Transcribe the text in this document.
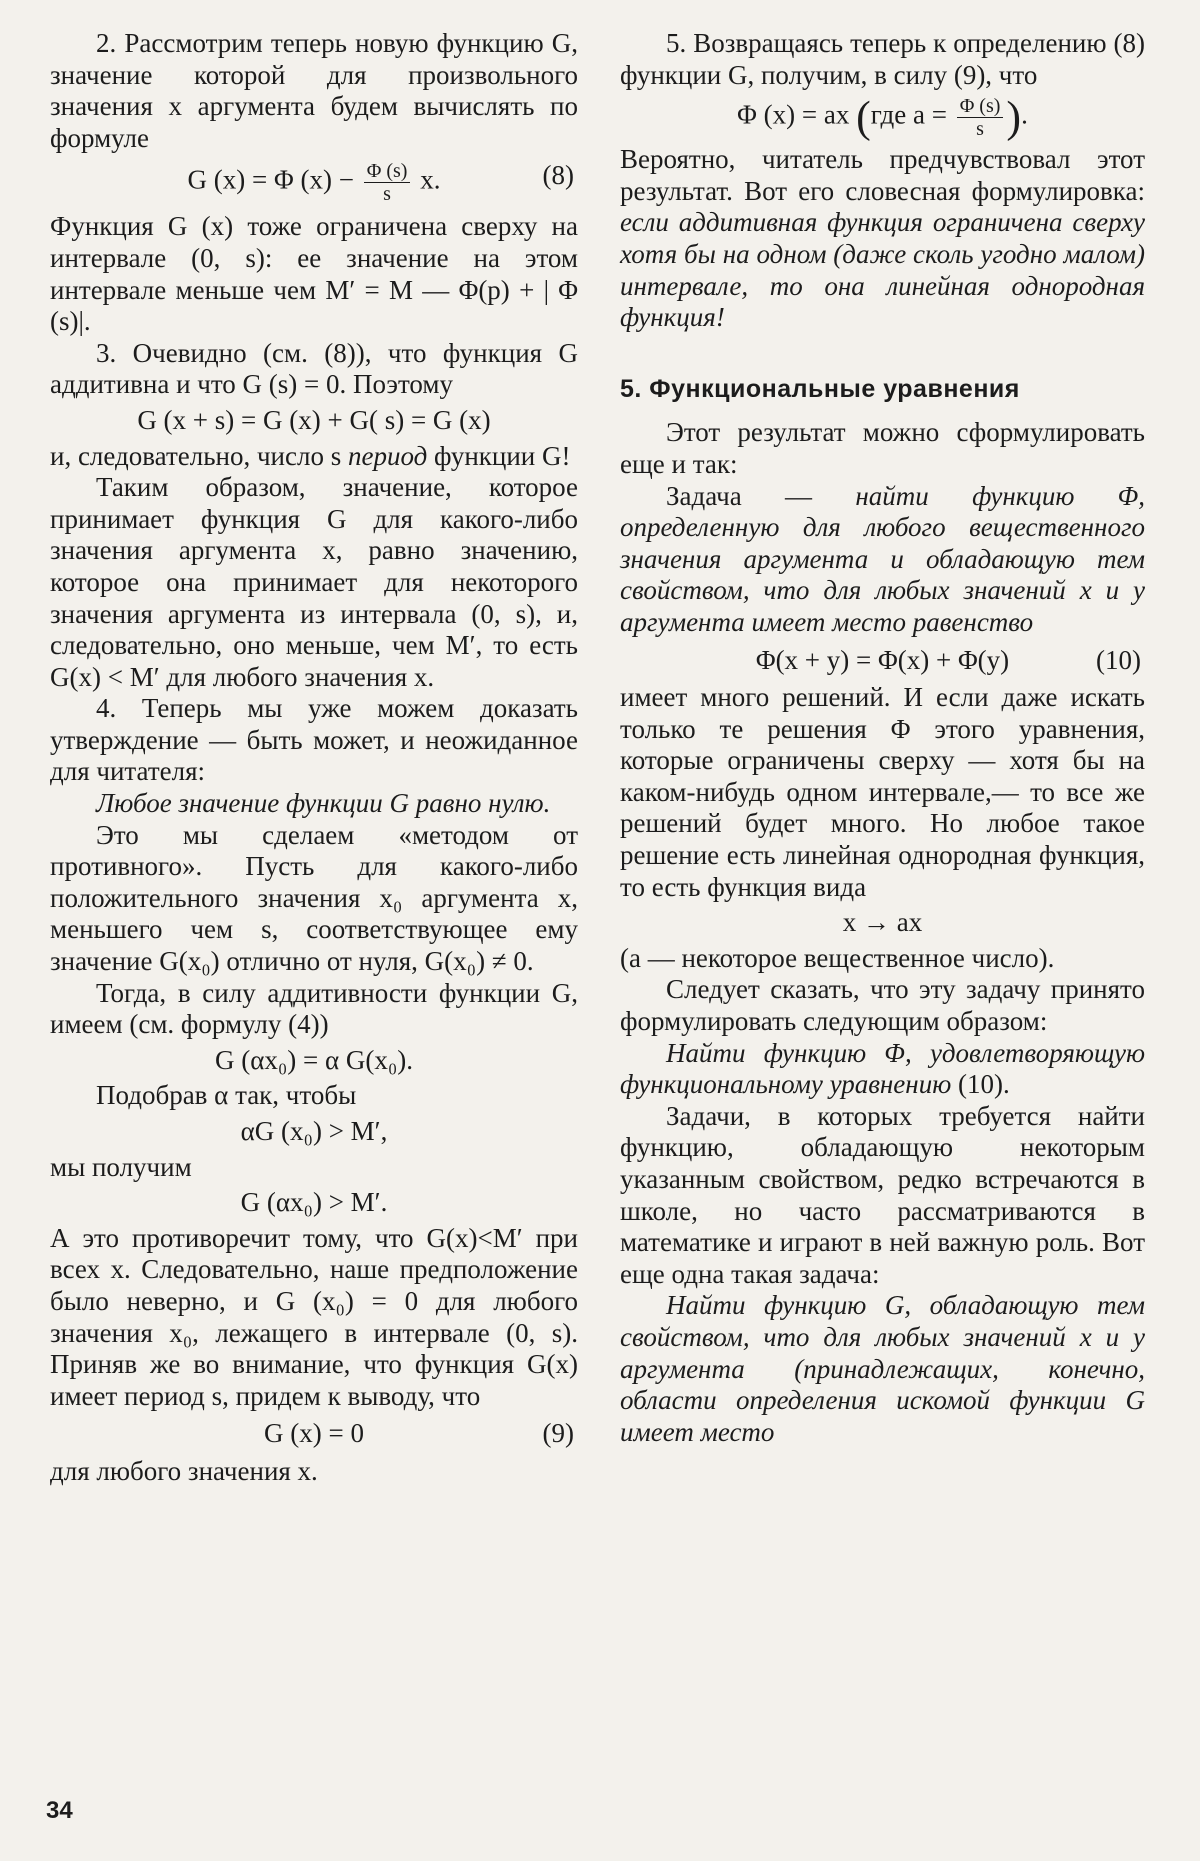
2. Рассмотрим теперь новую функцию G, значение которой для произвольного значения x аргумента будем вычислять по формуле

G (x) = Φ $(x) - \frac{\Phi (s)}{s} x$.	(8)

Функция G (x) тоже ограничена сверху на интервале (0, s): ее значение на этом интервале меньше чем M′ = M — Φ(p) + | Φ (s)|.

3. Очевидно (см. (8)), что функция G аддитивна и что G (s) = 0. Поэтому

G (x + s) = G (x) + G( s) = G (x)

и, следовательно, число s период функции G!

Таким образом, значение, которое принимает функция G для какого-либо значения аргумента x, равно значению, которое она принимает для некоторого значения аргумента из интервала (0, s), и, следовательно, оно меньше, чем M′, то есть G(x) < M′ для любого значения x.

4. Теперь мы уже можем доказать утверждение — быть может, и неожиданное для читателя:

Любое значение функции G равно нулю.

Это мы сделаем «методом от противного». Пусть для какого-либо положительного значения x₀ аргумента x, меньшего чем s, соответствующее ему значение G(x₀) отлично от нуля, G(x₀) ≠ 0.

Тогда, в силу аддитивности функции G, имеем (см. формулу (4))

G (αx₀) = α G(x₀).

Подобрав α так, чтобы

αG (x₀) > M′,

мы получим

G (αx₀) > M′.

А это противоречит тому, что G(x)<M′ при всех x. Следовательно, наше предположение было неверно, и G (x₀) = 0 для любого значения x₀, лежащего в интервале (0, s). Приняв же во внимание, что функция G(x) имеет период s, придем к выводу, что

G (x) = 0	(9)

для любого значения x.

5. Возвращаясь теперь к определению (8) функции G, получим, в силу (9), что

Φ (x) = ax (где $a = \frac{\Phi (s)}{s}$ ).

Вероятно, читатель предчувствовал этот результат. Вот его словесная формулировка: если аддитивная функция ограничена сверху хотя бы на одном (даже сколь угодно малом) интервале, то она линейная однородная функция!

5. Функциональные уравнения

Этот результат можно сформулировать еще и так:

Задача — найти функцию Φ, определенную для любого вещественного значения аргумента и обладающую тем свойством, что для любых значений x и y аргумента имеет место равенство

Φ(x + y) = Φ(x) + Φ(y)	(10)

имеет много решений. И если даже искать только те решения Φ этого уравнения, которые ограничены сверху — хотя бы на каком-нибудь одном интервале,— то все же решений будет много. Но любое такое решение есть линейная однородная функция, то есть функция вида

x → ax

(a — некоторое вещественное число).

Следует сказать, что эту задачу принято формулировать следующим образом:

Найти функцию Φ, удовлетворяющую функциональному уравнению (10).

Задачи, в которых требуется найти функцию, обладающую некоторым указанным свойством, редко встречаются в школе, но часто рассматриваются в математике и играют в ней важную роль. Вот еще одна такая задача:

Найти функцию G, обладающую тем свойством, что для любых значений x и y аргумента (принадлежащих, конечно, области определения искомой функции G имеет место

34
